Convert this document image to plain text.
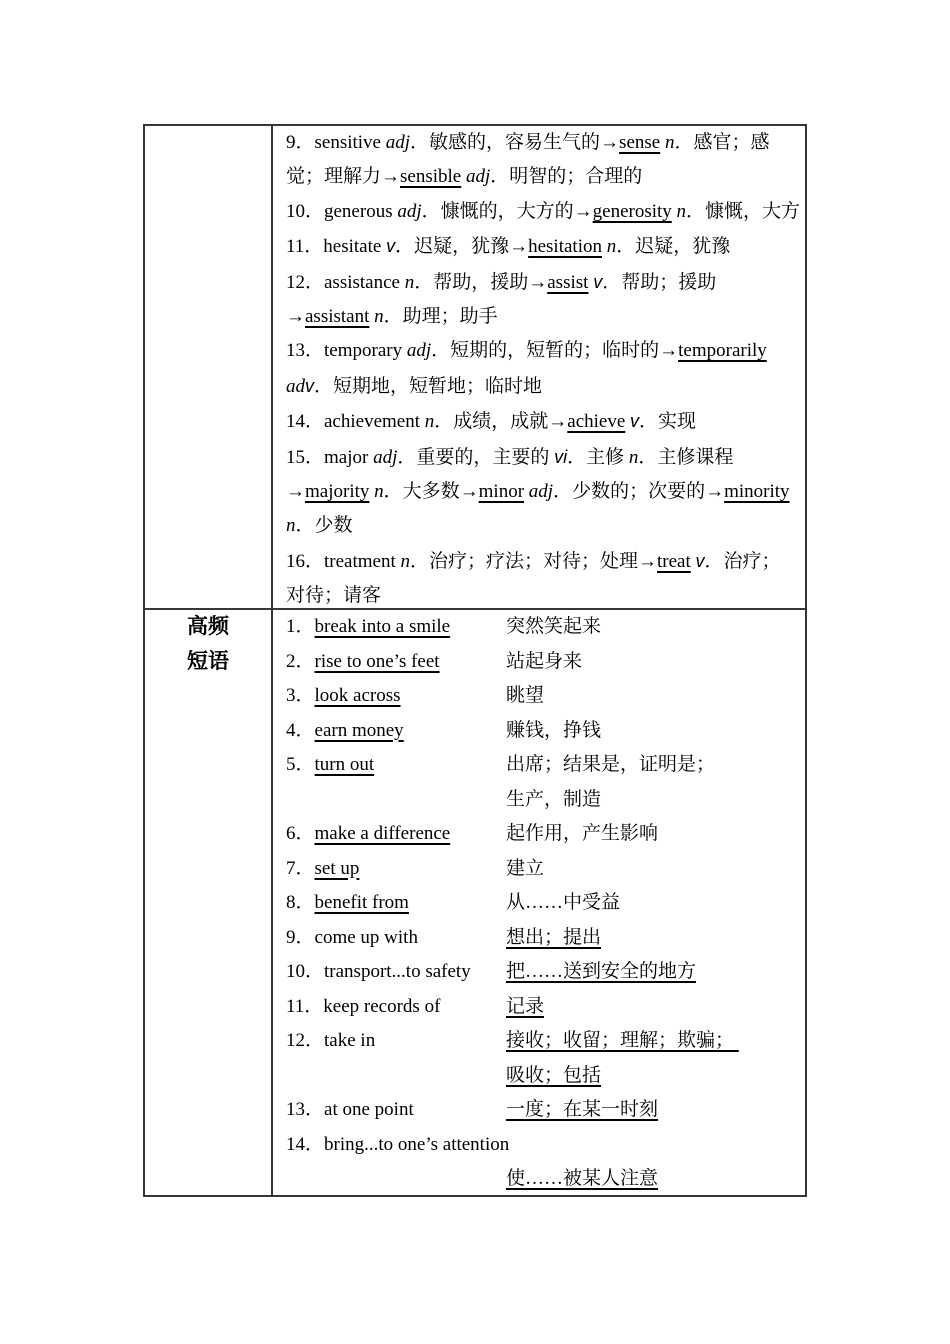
9．sensitive adj．敏感的，容易生气的→sense n．感官；感
觉；理解力→sensible adj．明智的；合理的
10．generous adj．慷慨的，大方的→generosity n．慷慨，大方
11．hesitate v．迟疑，犹豫→hesitation n．迟疑，犹豫
12．assistance n．帮助，援助→assist v．帮助；援助
→assistant n．助理；助手
13．temporary adj．短期的，短暂的；临时的→temporarily
adv．短期地，短暂地；临时地
14．achievement n．成绩，成就→achieve v．实现
15．major adj．重要的，主要的 vi．主修 n．主修课程
→majority n．大多数→minor adj．少数的；次要的→minority
n．少数
16．treatment n．治疗；疗法；对待；处理→treat v．治疗；
对待；请客
高频
短语
1．break into a smile	突然笑起来
2．rise to one’s feet	站起身来
3．look across	眺望
4．earn money	赚钱，挣钱
5．turn out	出席；结果是，证明是；
生产，制造
6．make a difference	起作用，产生影响
7．set up	建立
8．benefit from	从……中受益
9．come up with	想出；提出
10．transport...to safety	把……送到安全的地方
11．keep records of	记录
12．take in	接收；收留；理解；欺骗；
吸收；包括
13．at one point	一度；在某一时刻
14．bring...to one’s attention
使……被某人注意
